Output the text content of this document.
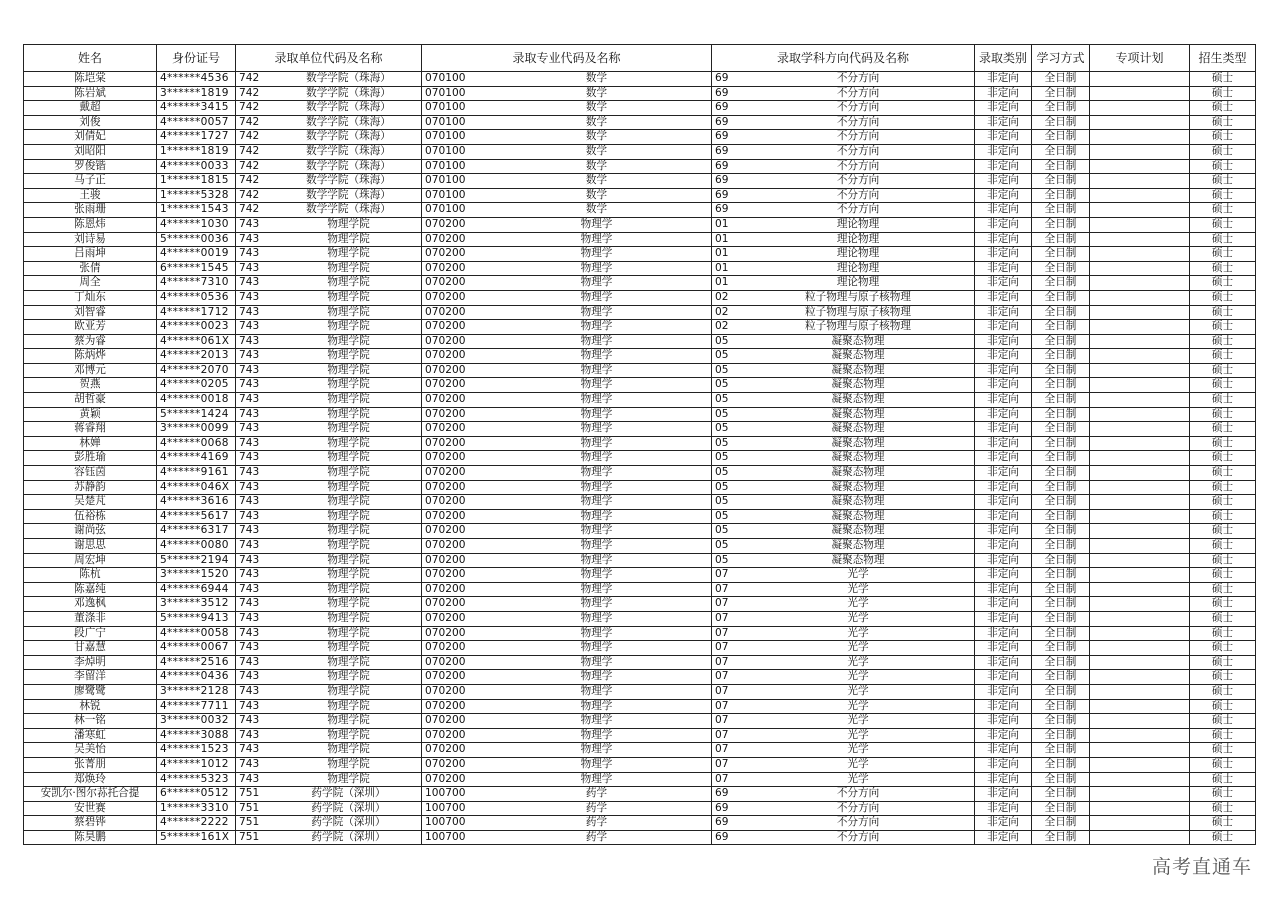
姓名	身份证号	录取单位代码及名称	录取专业代码及名称	录取学科方向代码及名称	录取类别	学习方式	专项计划	招生类型
陈垲棠	4******4536	742 数学学院（珠海）	070100 数学	69 不分方向	非定向	全日制		硕士
陈岩斌	3******1819	742 数学学院（珠海）	070100 数学	69 不分方向	非定向	全日制		硕士
戴超	4******3415	742 数学学院（珠海）	070100 数学	69 不分方向	非定向	全日制		硕士
刘俊	4******0057	742 数学学院（珠海）	070100 数学	69 不分方向	非定向	全日制		硕士
刘倩妃	4******1727	742 数学学院（珠海）	070100 数学	69 不分方向	非定向	全日制		硕士
刘昭阳	1******1819	742 数学学院（珠海）	070100 数学	69 不分方向	非定向	全日制		硕士
罗俊锴	4******0033	742 数学学院（珠海）	070100 数学	69 不分方向	非定向	全日制		硕士
马子正	1******1815	742 数学学院（珠海）	070100 数学	69 不分方向	非定向	全日制		硕士
王骏	1******5328	742 数学学院（珠海）	070100 数学	69 不分方向	非定向	全日制		硕士
张雨珊	1******1543	742 数学学院（珠海）	070100 数学	69 不分方向	非定向	全日制		硕士
陈恩炜	4******1030	743 物理学院	070200 物理学	01 理论物理	非定向	全日制		硕士
刘诗易	5******0036	743 物理学院	070200 物理学	01 理论物理	非定向	全日制		硕士
吕雨坤	4******0019	743 物理学院	070200 物理学	01 理论物理	非定向	全日制		硕士
张倩	6******1545	743 物理学院	070200 物理学	01 理论物理	非定向	全日制		硕士
周全	4******7310	743 物理学院	070200 物理学	01 理论物理	非定向	全日制		硕士
丁灿东	4******0536	743 物理学院	070200 物理学	02 粒子物理与原子核物理	非定向	全日制		硕士
刘智睿	4******1712	743 物理学院	070200 物理学	02 粒子物理与原子核物理	非定向	全日制		硕士
欧亚芳	4******0023	743 物理学院	070200 物理学	02 粒子物理与原子核物理	非定向	全日制		硕士
蔡为睿	4******061X	743 物理学院	070200 物理学	05 凝聚态物理	非定向	全日制		硕士
陈炳烨	4******2013	743 物理学院	070200 物理学	05 凝聚态物理	非定向	全日制		硕士
邓博元	4******2070	743 物理学院	070200 物理学	05 凝聚态物理	非定向	全日制		硕士
贺燕	4******0205	743 物理学院	070200 物理学	05 凝聚态物理	非定向	全日制		硕士
胡哲豪	4******0018	743 物理学院	070200 物理学	05 凝聚态物理	非定向	全日制		硕士
黄颖	5******1424	743 物理学院	070200 物理学	05 凝聚态物理	非定向	全日制		硕士
蒋睿翔	3******0099	743 物理学院	070200 物理学	05 凝聚态物理	非定向	全日制		硕士
林婵	4******0068	743 物理学院	070200 物理学	05 凝聚态物理	非定向	全日制		硕士
彭胜瑜	4******4169	743 物理学院	070200 物理学	05 凝聚态物理	非定向	全日制		硕士
容钰茵	4******9161	743 物理学院	070200 物理学	05 凝聚态物理	非定向	全日制		硕士
苏静韵	4******046X	743 物理学院	070200 物理学	05 凝聚态物理	非定向	全日制		硕士
吴楚芃	4******3616	743 物理学院	070200 物理学	05 凝聚态物理	非定向	全日制		硕士
伍裕栋	4******5617	743 物理学院	070200 物理学	05 凝聚态物理	非定向	全日制		硕士
谢尚弦	4******6317	743 物理学院	070200 物理学	05 凝聚态物理	非定向	全日制		硕士
谢思思	4******0080	743 物理学院	070200 物理学	05 凝聚态物理	非定向	全日制		硕士
周宏坤	5******2194	743 物理学院	070200 物理学	05 凝聚态物理	非定向	全日制		硕士
陈杭	3******1520	743 物理学院	070200 物理学	07 光学	非定向	全日制		硕士
陈嘉纯	4******6944	743 物理学院	070200 物理学	07 光学	非定向	全日制		硕士
邓逸枫	3******3512	743 物理学院	070200 物理学	07 光学	非定向	全日制		硕士
董涤非	5******9413	743 物理学院	070200 物理学	07 光学	非定向	全日制		硕士
段广宁	4******0058	743 物理学院	070200 物理学	07 光学	非定向	全日制		硕士
甘嘉慧	4******0067	743 物理学院	070200 物理学	07 光学	非定向	全日制		硕士
李焯明	4******2516	743 物理学院	070200 物理学	07 光学	非定向	全日制		硕士
李留洋	4******0436	743 物理学院	070200 物理学	07 光学	非定向	全日制		硕士
廖鹭鹭	3******2128	743 物理学院	070200 物理学	07 光学	非定向	全日制		硕士
林锐	4******7711	743 物理学院	070200 物理学	07 光学	非定向	全日制		硕士
林一铭	3******0032	743 物理学院	070200 物理学	07 光学	非定向	全日制		硕士
潘寒虹	4******3088	743 物理学院	070200 物理学	07 光学	非定向	全日制		硕士
吴美怡	4******1523	743 物理学院	070200 物理学	07 光学	非定向	全日制		硕士
张菁朋	4******1012	743 物理学院	070200 物理学	07 光学	非定向	全日制		硕士
郑焕玲	4******5323	743 物理学院	070200 物理学	07 光学	非定向	全日制		硕士
安凯尔·图尔荪托合提	6******0512	751 药学院（深圳）	100700 药学	69 不分方向	非定向	全日制		硕士
安世赛	1******3310	751 药学院（深圳）	100700 药学	69 不分方向	非定向	全日制		硕士
蔡碧铧	4******2222	751 药学院（深圳）	100700 药学	69 不分方向	非定向	全日制		硕士
陈昊鹏	5******161X	751 药学院（深圳）	100700 药学	69 不分方向	非定向	全日制		硕士
高考直通车
